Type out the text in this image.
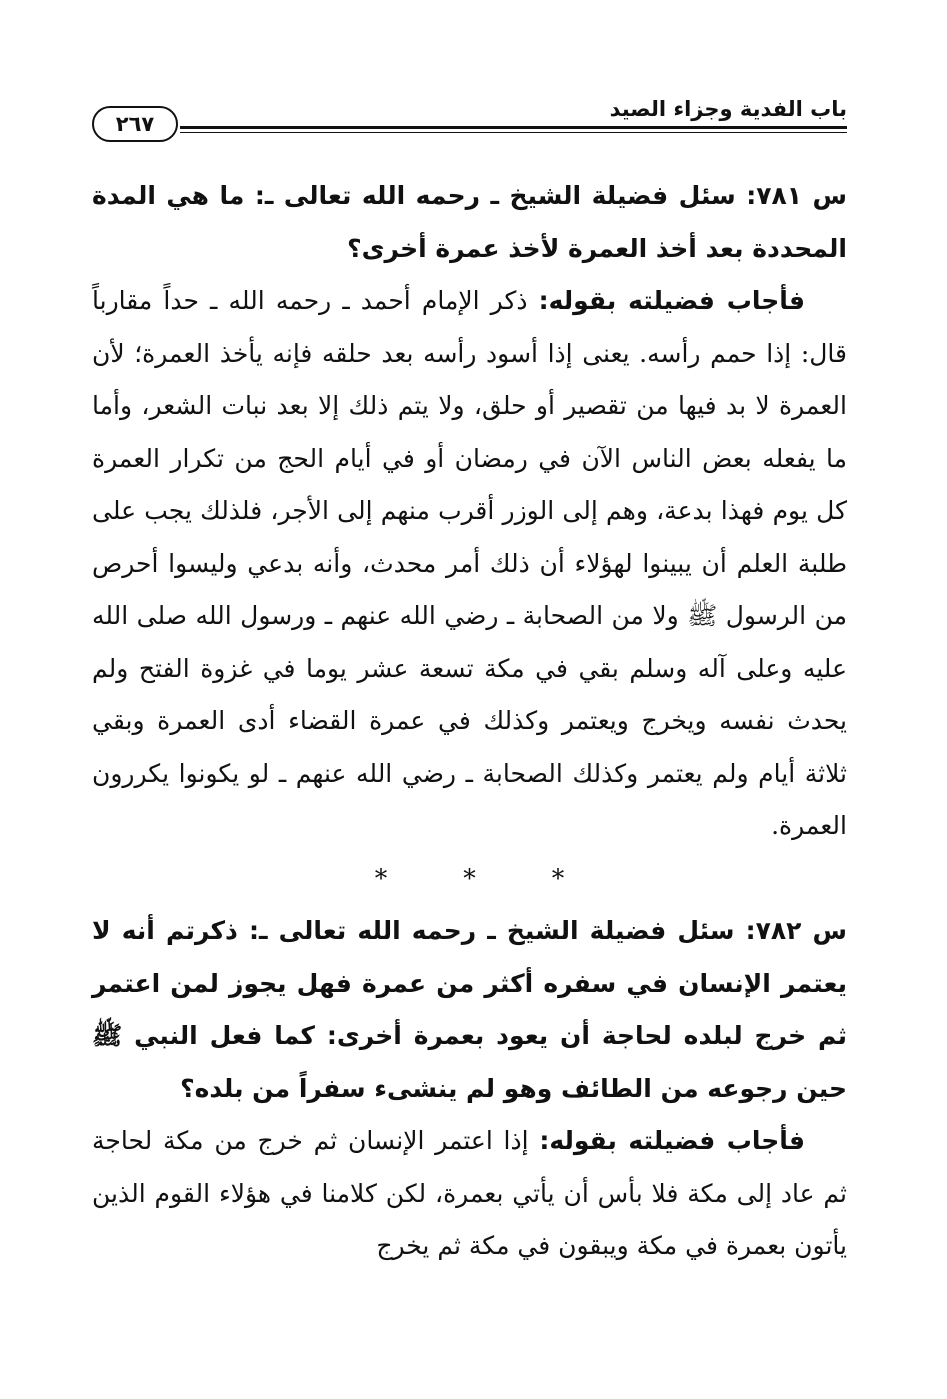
باب الفدية وجزاء الصيد
٢٦٧

س ٧٨١: سئل فضيلة الشيخ ـ رحمه الله تعالى ـ: ما هي المدة المحددة بعد أخذ العمرة لأخذ عمرة أخرى؟

فأجاب فضيلته بقوله: ذكر الإمام أحمد ـ رحمه الله ـ حداً مقارباً قال: إذا حمم رأسه. يعنى إذا أسود رأسه بعد حلقه فإنه يأخذ العمرة؛ لأن العمرة لا بد فيها من تقصير أو حلق، ولا يتم ذلك إلا بعد نبات الشعر، وأما ما يفعله بعض الناس الآن في رمضان أو في أيام الحج من تكرار العمرة كل يوم فهذا بدعة، وهم إلى الوزر أقرب منهم إلى الأجر، فلذلك يجب على طلبة العلم أن يبينوا لهؤلاء أن ذلك أمر محدث، وأنه بدعي وليسوا أحرص من الرسول ﷺ ولا من الصحابة ـ رضي الله عنهم ـ ورسول الله صلى الله عليه وعلى آله وسلم بقي في مكة تسعة عشر يوما في غزوة الفتح ولم يحدث نفسه ويخرج ويعتمر وكذلك في عمرة القضاء أدى العمرة وبقي ثلاثة أيام ولم يعتمر وكذلك الصحابة ـ رضي الله عنهم ـ لو يكونوا يكررون العمرة.

* * *

س ٧٨٢: سئل فضيلة الشيخ ـ رحمه الله تعالى ـ: ذكرتم أنه لا يعتمر الإنسان في سفره أكثر من عمرة فهل يجوز لمن اعتمر ثم خرج لبلده لحاجة أن يعود بعمرة أخرى: كما فعل النبي ﷺ حين رجوعه من الطائف وهو لم ينشىء سفراً من بلده؟

فأجاب فضيلته بقوله: إذا اعتمر الإنسان ثم خرج من مكة لحاجة ثم عاد إلى مكة فلا بأس أن يأتي بعمرة، لكن كلامنا في هؤلاء القوم الذين يأتون بعمرة في مكة ويبقون في مكة ثم يخرج
